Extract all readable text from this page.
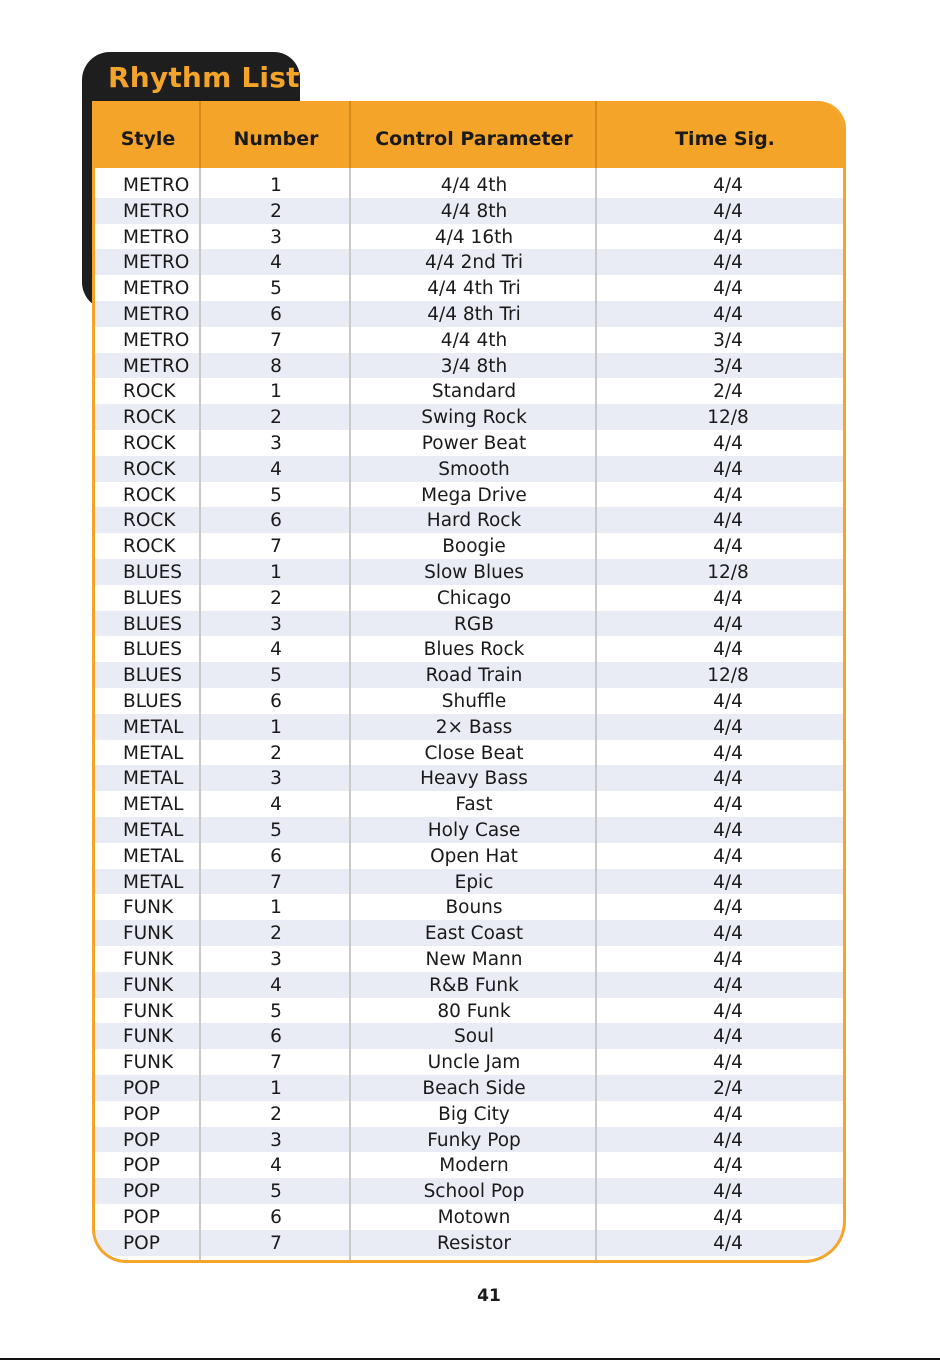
Rhythm List
Style	Number	Control Parameter	Time Sig.
METRO	1	4/4 4th	4/4
METRO	2	4/4 8th	4/4
METRO	3	4/4 16th	4/4
METRO	4	4/4 2nd Tri	4/4
METRO	5	4/4 4th Tri	4/4
METRO	6	4/4 8th Tri	4/4
METRO	7	4/4 4th	3/4
METRO	8	3/4 8th	3/4
ROCK	1	Standard	2/4
ROCK	2	Swing Rock	12/8
ROCK	3	Power Beat	4/4
ROCK	4	Smooth	4/4
ROCK	5	Mega Drive	4/4
ROCK	6	Hard Rock	4/4
ROCK	7	Boogie	4/4
BLUES	1	Slow Blues	12/8
BLUES	2	Chicago	4/4
BLUES	3	RGB	4/4
BLUES	4	Blues Rock	4/4
BLUES	5	Road Train	12/8
BLUES	6	Shuffle	4/4
METAL	1	2× Bass	4/4
METAL	2	Close Beat	4/4
METAL	3	Heavy Bass	4/4
METAL	4	Fast	4/4
METAL	5	Holy Case	4/4
METAL	6	Open Hat	4/4
METAL	7	Epic	4/4
FUNK	1	Bouns	4/4
FUNK	2	East Coast	4/4
FUNK	3	New Mann	4/4
FUNK	4	R&B Funk	4/4
FUNK	5	80 Funk	4/4
FUNK	6	Soul	4/4
FUNK	7	Uncle Jam	4/4
POP	1	Beach Side	2/4
POP	2	Big City	4/4
POP	3	Funky Pop	4/4
POP	4	Modern	4/4
POP	5	School Pop	4/4
POP	6	Motown	4/4
POP	7	Resistor	4/4
41
